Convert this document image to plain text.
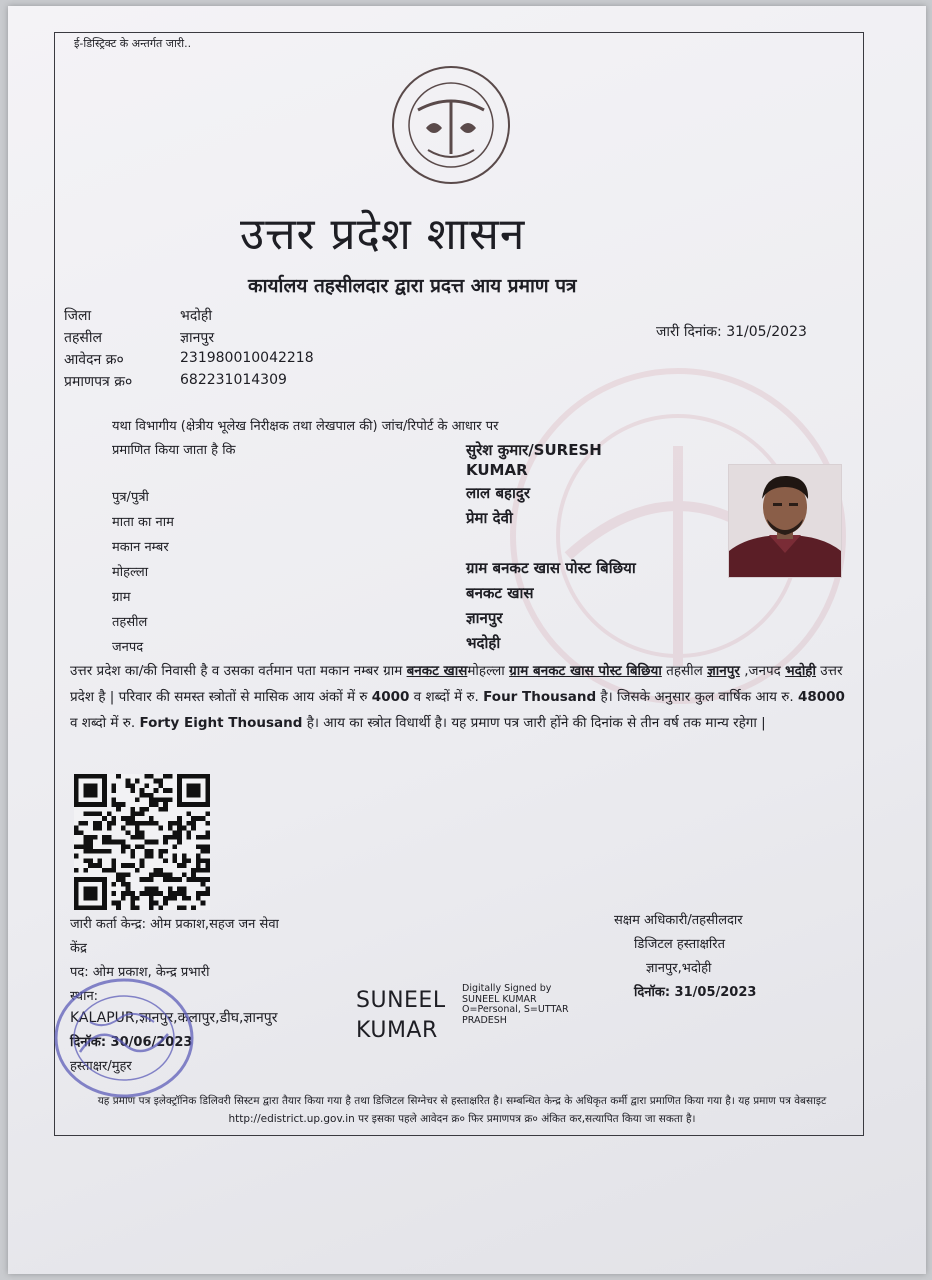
ई-डिस्ट्रिक्ट के अन्तर्गत जारी..
उत्तर प्रदेश शासन
कार्यालय तहसीलदार द्वारा प्रदत्त आय प्रमाण पत्र
जिला	भदोही
तहसील	ज्ञानपुर
आवेदन क्र०	231980010042218
प्रमाणपत्र क्र०	682231014309
जारी दिनांक: 31/05/2023
यथा विभागीय (क्षेत्रीय भूलेख निरीक्षक तथा लेखपाल की) जांच/रिपोर्ट के आधार पर
प्रमाणित किया जाता है कि	सुरेश कुमार/SURESH
KUMAR
पुत्र/पुत्री	लाल बहादुर
माता का नाम	प्रेमा देवी
मकान नम्बर
मोहल्ला	ग्राम बनकट खास पोस्ट बिछिया
ग्राम	बनकट खास
तहसील	ज्ञानपुर
जनपद	भदोही
उत्तर प्रदेश का/की निवासी है व उसका वर्तमान पता मकान नम्बर ग्राम बनकट खासमोहल्ला ग्राम बनकट खास पोस्ट बिछिया तहसील ज्ञानपुर ,जनपद भदोही उत्तर प्रदेश है | परिवार की समस्त स्त्रोतों से मासिक आय अंकों में रु 4000 व शब्दों में रु. Four Thousand है। जिसके अनुसार कुल वार्षिक आय रु. 48000 व शब्दो में रु. Forty Eight Thousand है। आय का स्त्रोत विधार्थी है। यह प्रमाण पत्र जारी होंने की दिनांक से तीन वर्ष तक मान्य रहेगा |
जारी कर्ता केन्द्र: ओम प्रकाश,सहज जन सेवा
केंद्र
पद: ओम प्रकाश, केन्द्र प्रभारी
स्थान:
KALAPUR,ज्ञानपुर,कलापुर,डीघ,ज्ञानपुर
दिनॉक: 30/06/2023
हस्ताक्षर/मुहर
SUNEEL
KUMAR
Digitally Signed by
SUNEEL KUMAR
O=Personal, S=UTTAR
PRADESH
सक्षम अधिकारी/तहसीलदार
डिजिटल हस्ताक्षरित
ज्ञानपुर,भदोही
दिनॉक: 31/05/2023
यह प्रमाण पत्र इलेक्ट्रॉनिक डिलिवरी सिस्टम द्वारा तैयार किया गया है तथा डिजिटल सिग्नेचर से हस्ताक्षरित है। सम्बन्धित केन्द्र के अधिकृत कर्मी द्वारा प्रमाणित किया गया है। यह प्रमाण पत्र वेबसाइट http://edistrict.up.gov.in पर इसका पहले आवेदन क्र० फिर प्रमाणपत्र क्र० अंकित कर,सत्यापित किया जा सकता है।
